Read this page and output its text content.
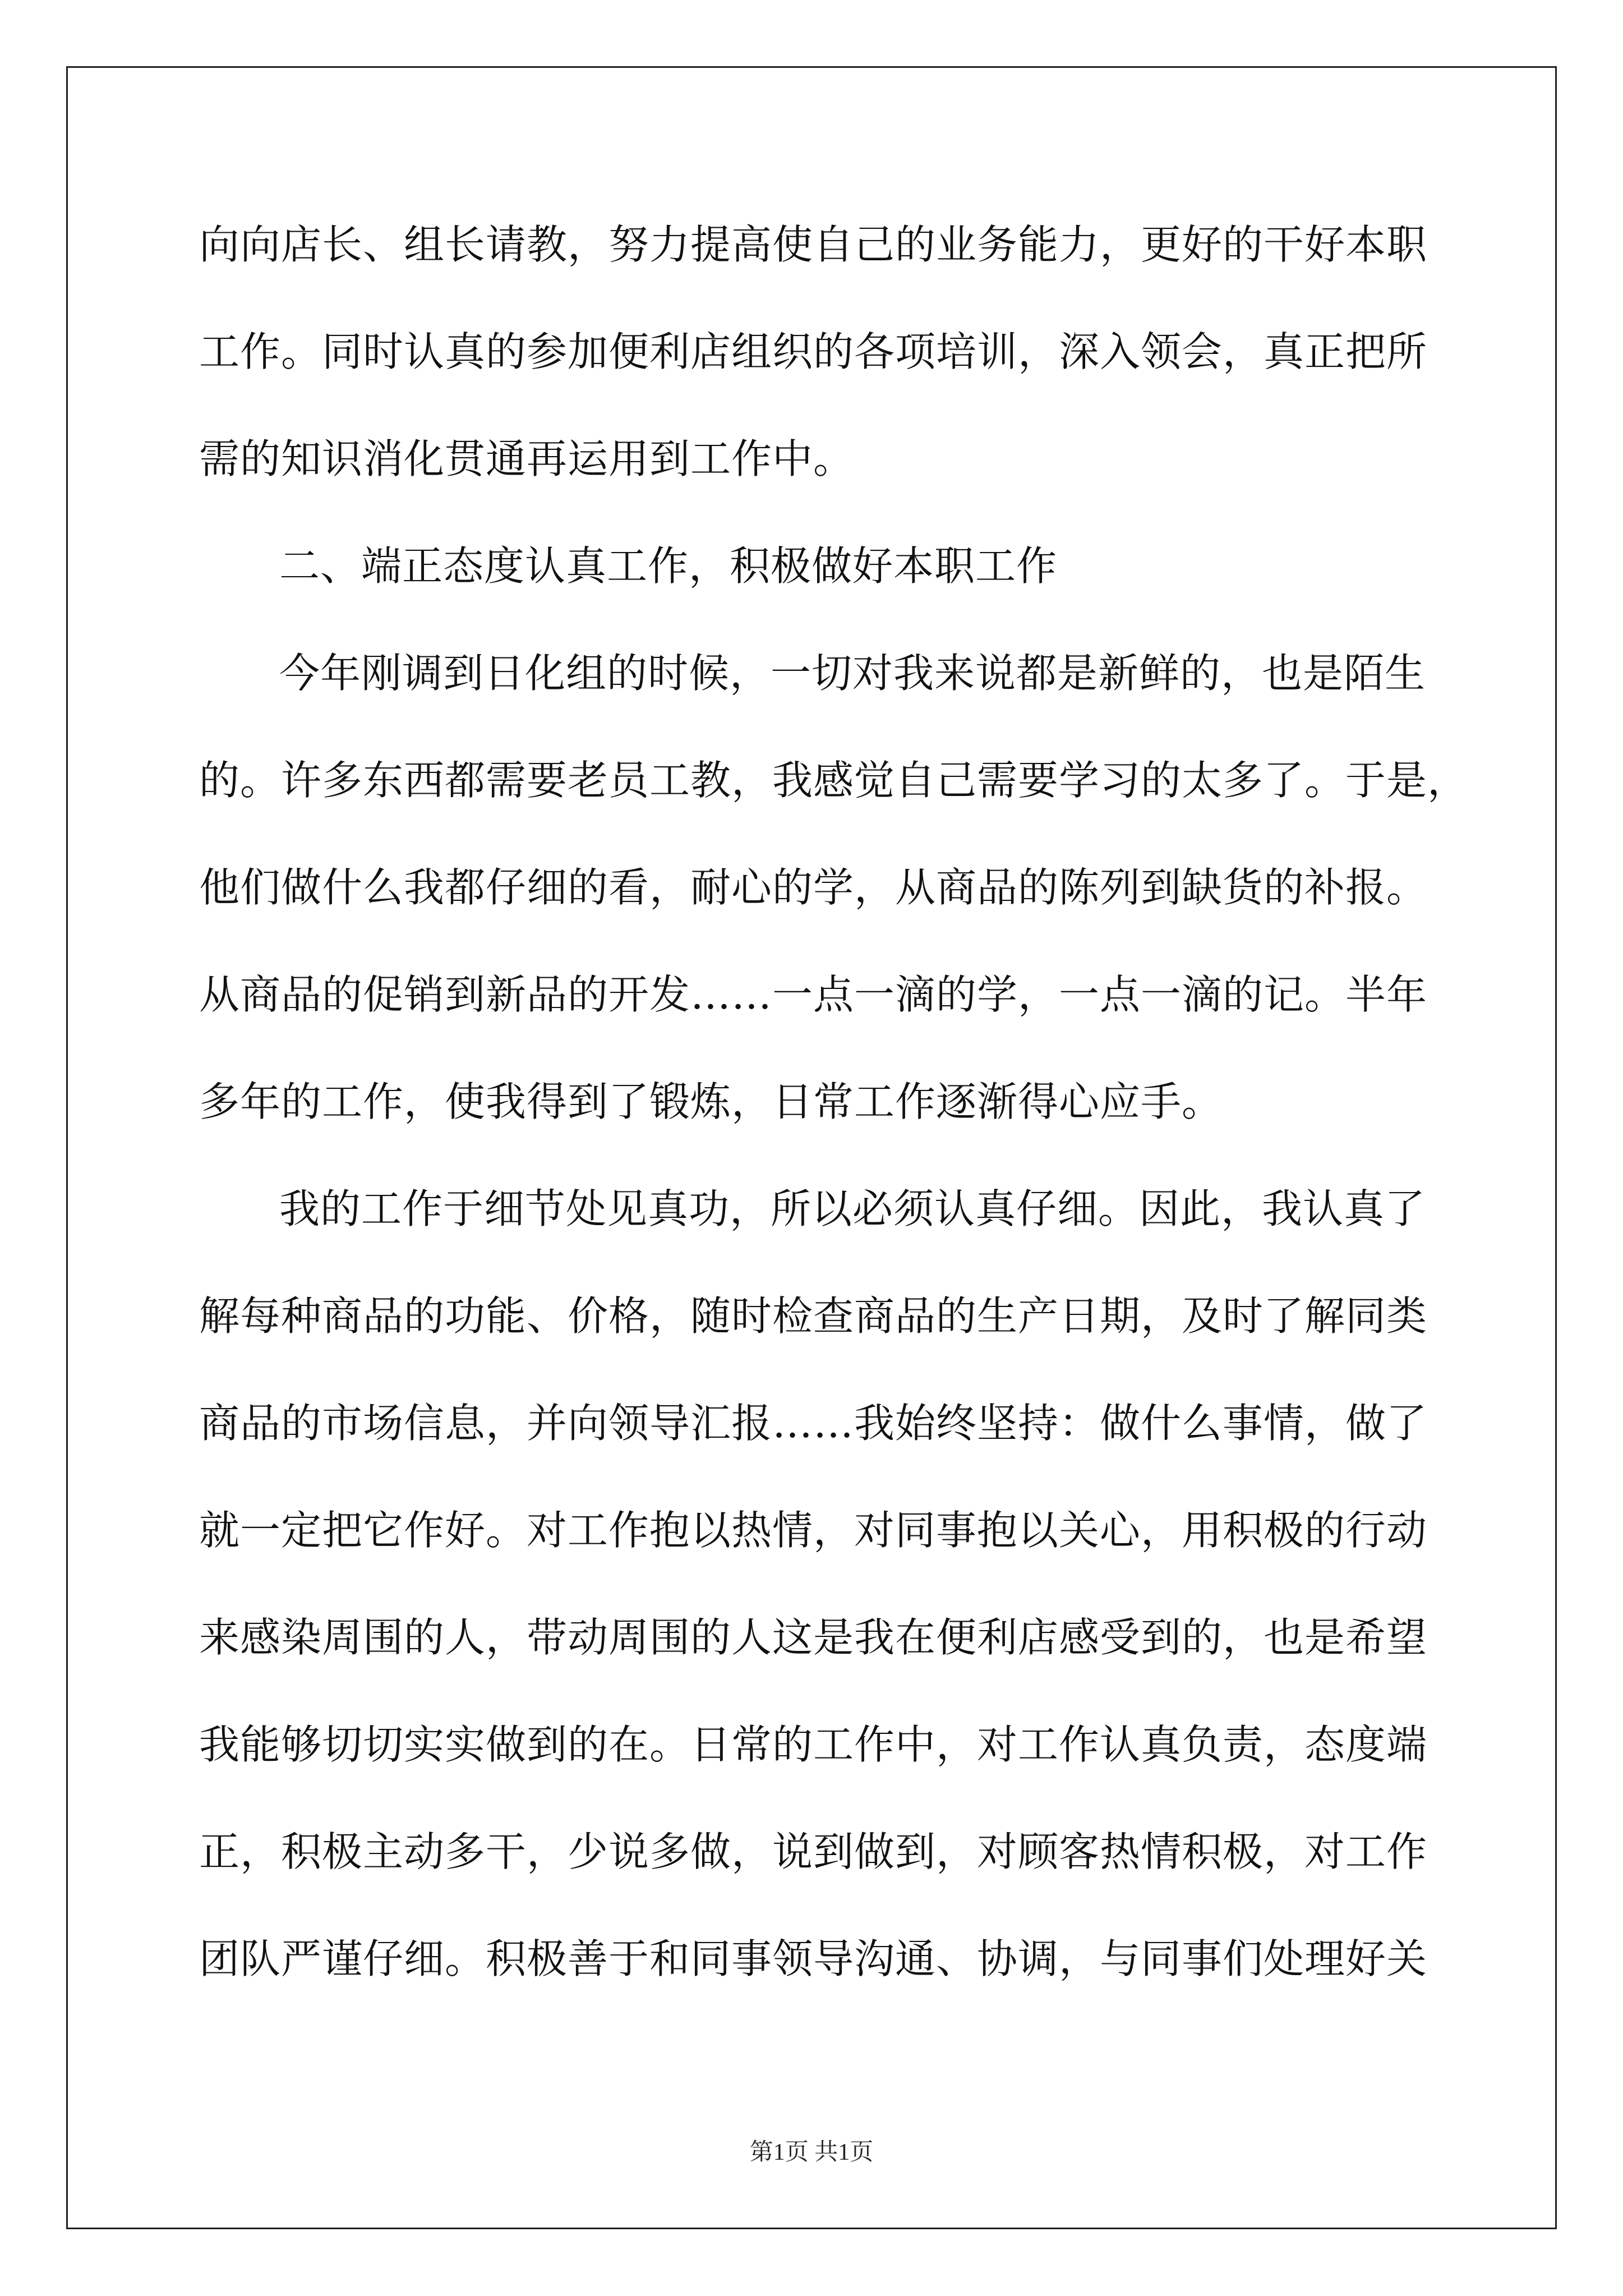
向向店长、组长请教，努力提高使自己的业务能力，更好的干好本职
工作。同时认真的参加便利店组织的各项培训，深入领会，真正把所
需的知识消化贯通再运用到工作中。
二、端正态度认真工作，积极做好本职工作
今年刚调到日化组的时候，一切对我来说都是新鲜的，也是陌生
的。许多东西都需要老员工教，我感觉自己需要学习的太多了。于是，
他们做什么我都仔细的看，耐心的学，从商品的陈列到缺货的补报。
从商品的促销到新品的开发……一点一滴的学，一点一滴的记。半年
多年的工作，使我得到了锻炼，日常工作逐渐得心应手。
我的工作于细节处见真功，所以必须认真仔细。因此，我认真了
解每种商品的功能、价格，随时检查商品的生产日期，及时了解同类
商品的市场信息，并向领导汇报……我始终坚持：做什么事情，做了
就一定把它作好。对工作抱以热情，对同事抱以关心，用积极的行动
来感染周围的人，带动周围的人这是我在便利店感受到的，也是希望
我能够切切实实做到的在。日常的工作中，对工作认真负责，态度端
正，积极主动多干，少说多做，说到做到，对顾客热情积极，对工作
团队严谨仔细。积极善于和同事领导沟通、协调，与同事们处理好关
第1页 共1页
